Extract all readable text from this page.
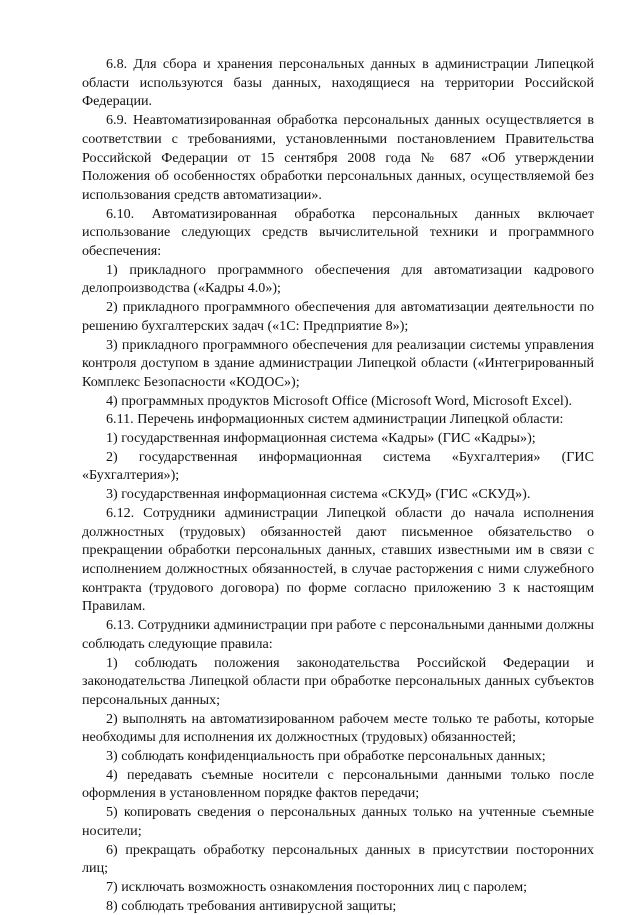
6.8. Для сбора и хранения персональных данных в администрации Липецкой области используются базы данных, находящиеся на территории Российской Федерации.

6.9. Неавтоматизированная обработка персональных данных осуществляется в соответствии с требованиями, установленными постановлением Правительства Российской Федерации от 15 сентября 2008 года № 687 «Об утверждении Положения об особенностях обработки персональных данных, осуществляемой без использования средств автоматизации».

6.10. Автоматизированная обработка персональных данных включает использование следующих средств вычислительной техники и программного обеспечения:

1) прикладного программного обеспечения для автоматизации кадрового делопроизводства («Кадры 4.0»);

2) прикладного программного обеспечения для автоматизации деятельности по решению бухгалтерских задач («1С: Предприятие 8»);

3) прикладного программного обеспечения для реализации системы управления контроля доступом в здание администрации Липецкой области («Интегрированный Комплекс Безопасности «КОДОС»);

4) программных продуктов Microsoft Office (Microsoft Word, Microsoft Excel).

6.11. Перечень информационных систем администрации Липецкой области:

1) государственная информационная система «Кадры» (ГИС «Кадры»);

2) государственная информационная система «Бухгалтерия» (ГИС «Бухгалтерия»);

3) государственная информационная система «СКУД» (ГИС «СКУД»).

6.12. Сотрудники администрации Липецкой области до начала исполнения должностных (трудовых) обязанностей дают письменное обязательство о прекращении обработки персональных данных, ставших известными им в связи с исполнением должностных обязанностей, в случае расторжения с ними служебного контракта (трудового договора) по форме согласно приложению 3 к настоящим Правилам.

6.13. Сотрудники администрации при работе с персональными данными должны соблюдать следующие правила:

1) соблюдать положения законодательства Российской Федерации и законодательства Липецкой области при обработке персональных данных субъектов персональных данных;

2) выполнять на автоматизированном рабочем месте только те работы, которые необходимы для исполнения их должностных (трудовых) обязанностей;

3) соблюдать конфиденциальность при обработке персональных данных;

4) передавать съемные носители с персональными данными только после оформления в установленном порядке фактов передачи;

5) копировать сведения о персональных данных только на учтенные съемные носители;

6) прекращать обработку персональных данных в присутствии посторонних лиц;

7) исключать возможность ознакомления посторонних лиц с паролем;

8) соблюдать требования антивирусной защиты;
